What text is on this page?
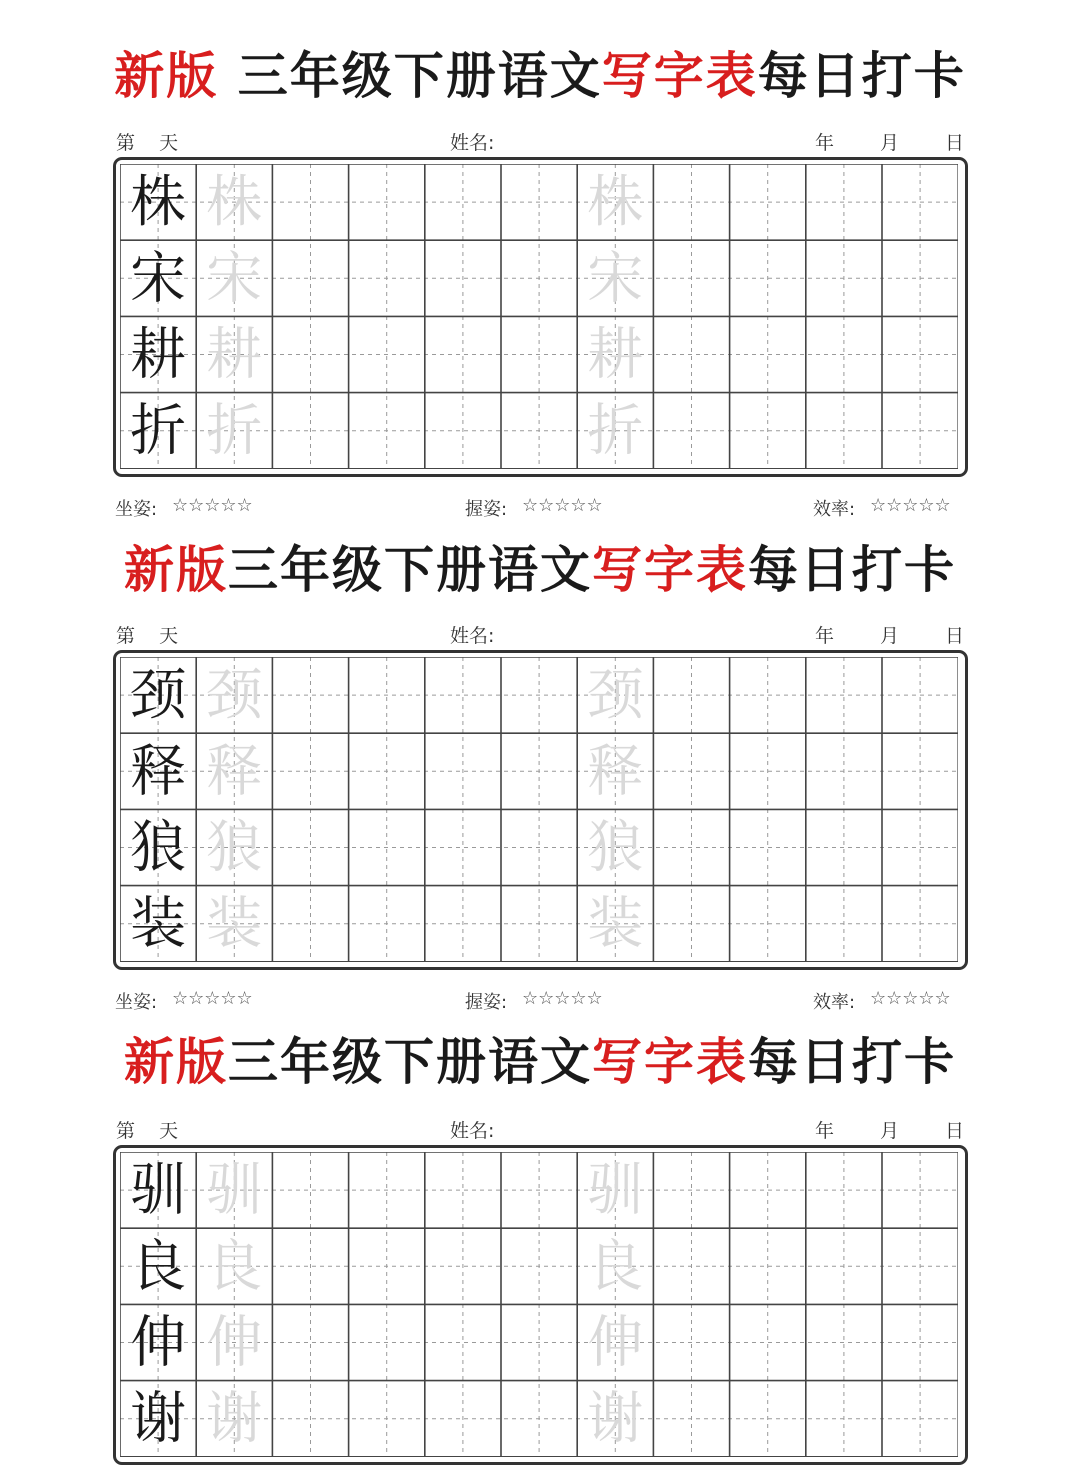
新版 三年级下册语文写字表每日打卡
第    天	姓名:	年 月 日
株 株	株
宋 宋	宋
耕 耕	耕
折 折	折
坐姿: ☆☆☆☆☆	握姿: ☆☆☆☆☆	效率: ☆☆☆☆☆
新版三年级下册语文写字表每日打卡
第    天	姓名:	年 月 日
颈 颈	颈
释 释	释
狼 狼	狼
装 装	装
坐姿: ☆☆☆☆☆	握姿: ☆☆☆☆☆	效率: ☆☆☆☆☆
新版三年级下册语文写字表每日打卡
第    天	姓名:	年 月 日
驯 驯	驯
良 良	良
伸 伸	伸
谢 谢	谢
